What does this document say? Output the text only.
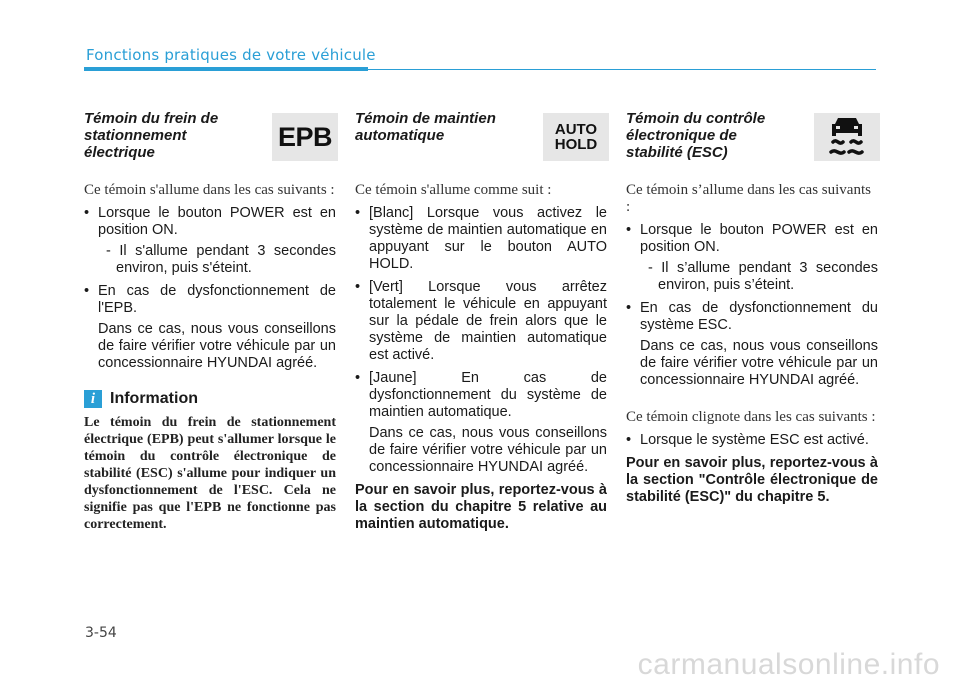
Fonctions pratiques de votre véhicule
Témoin du frein de stationnement électrique
EPB
Ce témoin s'allume dans les cas suivants :
• Lorsque le bouton POWER est en position ON.
- Il s'allume pendant 3 secondes environ, puis s'éteint.
• En cas de dysfonctionnement de l'EPB.
Dans ce cas, nous vous conseillons de faire vérifier votre véhicule par un concessionnaire HYUNDAI agréé.
i Information
Le témoin du frein de stationnement électrique (EPB) peut s'allumer lorsque le témoin du contrôle électronique de stabilité (ESC) s'allume pour indiquer un dysfonctionnement de l'ESC. Cela ne signifie pas que l'EPB ne fonctionne pas correctement.
Témoin de maintien automatique	AUTO
HOLD
Ce témoin s'allume comme suit :
• [Blanc] Lorsque vous activez le système de maintien automatique en appuyant sur le bouton AUTO HOLD.
• [Vert] Lorsque vous arrêtez totalement le véhicule en appuyant sur la pédale de frein alors que le système de maintien automatique est activé.
• [Jaune] En cas de dysfonctionnement du système de maintien automatique.
Dans ce cas, nous vous conseillons de faire vérifier votre véhicule par un concessionnaire HYUNDAI agréé.
Pour en savoir plus, reportez-vous à la section du chapitre 5 relative au maintien automatique.
Témoin du contrôle électronique de stabilité (ESC)
Ce témoin s’allume dans les cas suivants :
• Lorsque le bouton POWER est en position ON.
- Il s’allume pendant 3 secondes environ, puis s’éteint.
• En cas de dysfonctionnement du système ESC.
Dans ce cas, nous vous conseillons de faire vérifier votre véhicule par un concessionnaire HYUNDAI agréé.
Ce témoin clignote dans les cas suivants :
• Lorsque le système ESC est activé.
Pour en savoir plus, reportez-vous à la section "Contrôle électronique de stabilité (ESC)" du chapitre 5.
3-54
carmanualsonline.info
